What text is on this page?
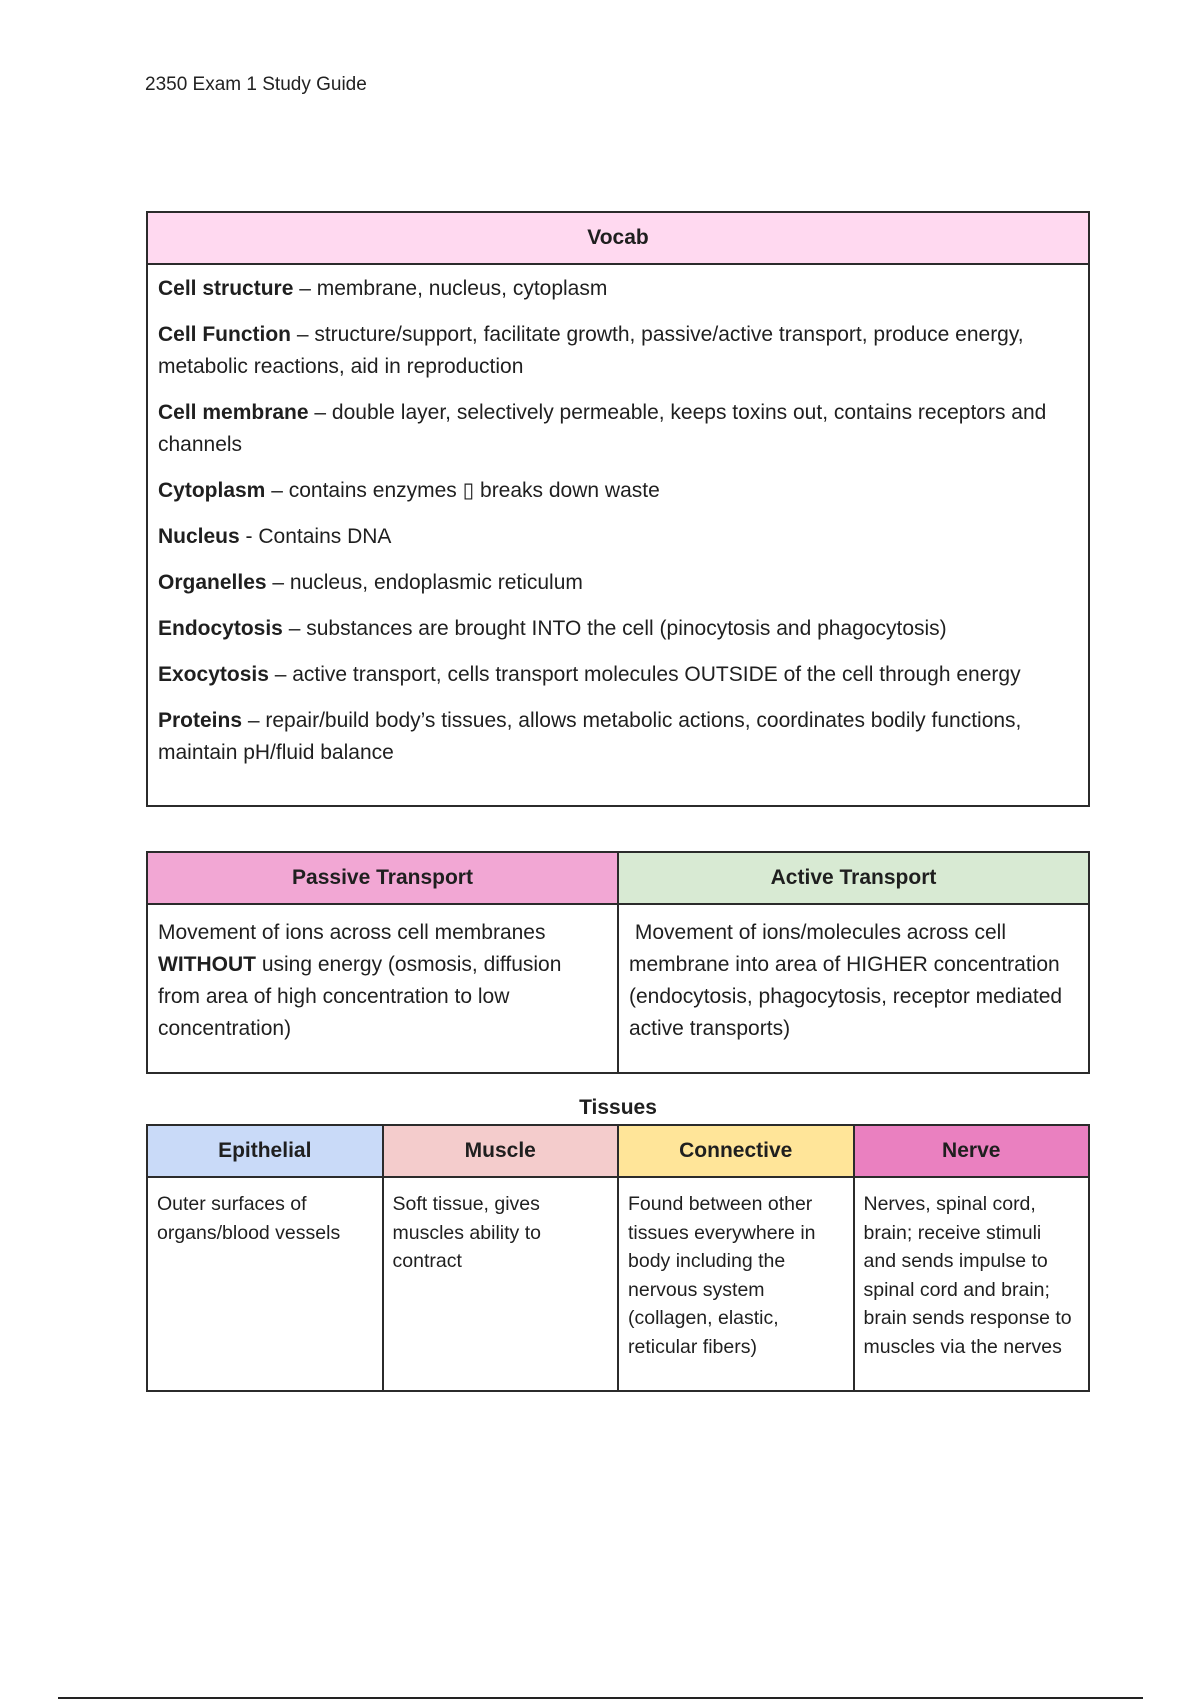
2350 Exam 1 Study Guide
Vocab

Cell structure – membrane, nucleus, cytoplasm
Cell Function – structure/support, facilitate growth, passive/active transport, produce energy, metabolic reactions, aid in reproduction
Cell membrane – double layer, selectively permeable, keeps toxins out, contains receptors and channels
Cytoplasm – contains enzymes ▯ breaks down waste
Nucleus - Contains DNA
Organelles – nucleus, endoplasmic reticulum
Endocytosis – substances are brought INTO the cell (pinocytosis and phagocytosis)
Exocytosis – active transport, cells transport molecules OUTSIDE of the cell through energy
Proteins – repair/build body’s tissues, allows metabolic actions, coordinates bodily functions, maintain pH/fluid balance
Passive Transport	Active Transport
Movement of ions across cell membranes WITHOUT using energy (osmosis, diffusion from area of high concentration to low concentration)	Movement of ions/molecules across cell membrane into area of HIGHER concentration (endocytosis, phagocytosis, receptor mediated active transports)
Tissues
Epithelial	Muscle	Connective	Nerve
Outer surfaces of organs/blood vessels	Soft tissue, gives muscles ability to contract	Found between other tissues everywhere in body including the nervous system (collagen, elastic, reticular fibers)	Nerves, spinal cord, brain; receive stimuli and sends impulse to spinal cord and brain; brain sends response to muscles via the nerves
